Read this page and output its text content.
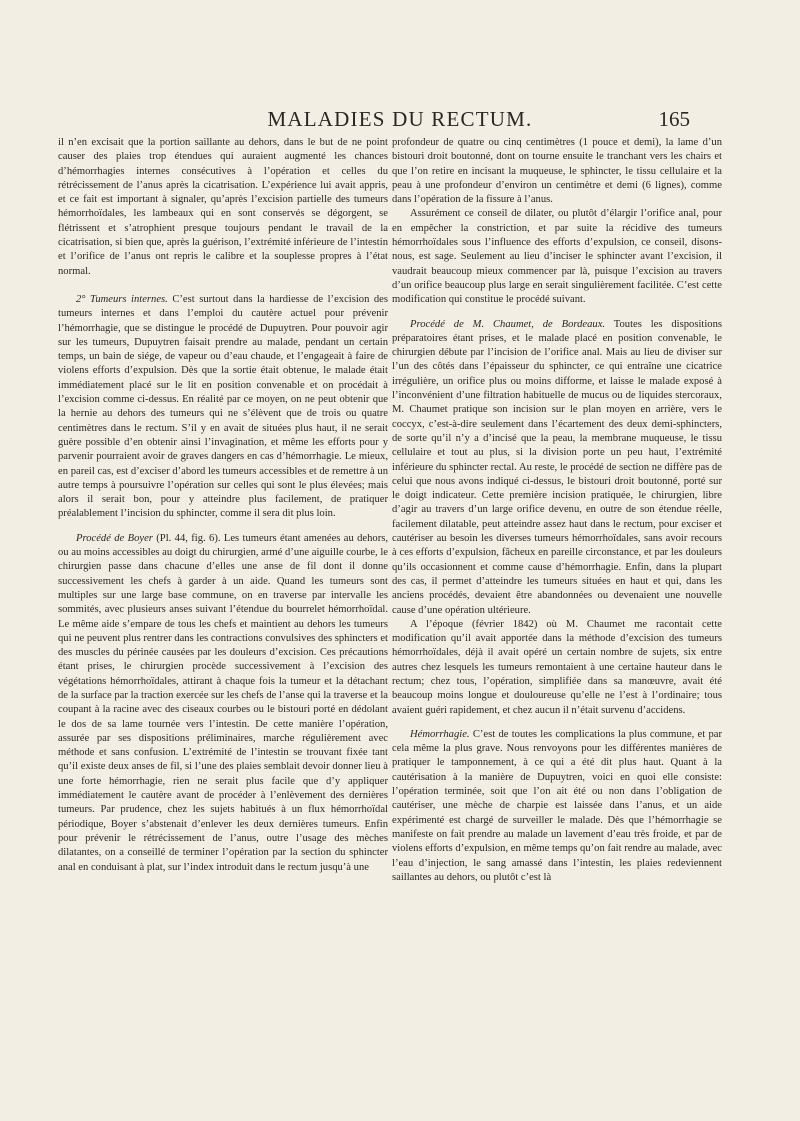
MALADIES DU RECTUM.	165

il n’en excisait que la portion saillante au dehors, dans le but de ne point causer des plaies trop étendues qui auraient augmenté les chances d’hémorrhagies internes consécutives à l’opération et celles du rétrécissement de l’anus après la cicatrisation. L’expérience lui avait appris, et ce fait est important à signaler, qu’après l’excision partielle des tumeurs hémorrhoïdales, les lambeaux qui en sont conservés se dégorgent, se flétrissent et s’atrophient presque toujours pendant le travail de la cicatrisation, si bien que, après la guérison, l’extrémité inférieure de l’intestin et l’orifice de l’anus ont repris le calibre et la souplesse propres à l’état normal.

2° Tumeurs internes. C’est surtout dans la hardiesse de l’excision des tumeurs internes et dans l’emploi du cautère actuel pour prévenir l’hémorrhagie, que se distingue le procédé de Dupuytren. Pour pouvoir agir sur les tumeurs, Dupuytren faisait prendre au malade, pendant un certain temps, un bain de siége, de vapeur ou d’eau chaude, et l’engageait à faire de violens efforts d’expulsion. Dès que la sortie était obtenue, le malade était immédiatement placé sur le lit en position convenable et on procédait à l’excision comme ci-dessus. En réalité par ce moyen, on ne peut obtenir que la hernie au dehors des tumeurs qui ne s’élèvent que de trois ou quatre centimètres dans le rectum. S’il y en avait de situées plus haut, il ne serait guère possible d’en obtenir ainsi l’invagination, et même les efforts pour y parvenir pourraient avoir de graves dangers en cas d’hémorrhagie. Le mieux, en pareil cas, est d’exciser d’abord les tumeurs accessibles et de remettre à un autre temps à poursuivre l’opération sur celles qui sont le plus élevées; mais alors il serait bon, pour y atteindre plus facilement, de pratiquer préalablement l’incision du sphincter, comme il sera dit plus loin.

Procédé de Boyer (Pl. 44, fig. 6). Les tumeurs étant amenées au dehors, ou au moins accessibles au doigt du chirurgien, armé d’une aiguille courbe, le chirurgien passe dans chacune d’elles une anse de fil dont il donne successivement les chefs à garder à un aide. Quand les tumeurs sont multiples sur une large base commune, on en traverse par intervalle les sommités, avec plusieurs anses suivant l’étendue du bourrelet hémorrhoïdal. Le même aide s’empare de tous les chefs et maintient au dehors les tumeurs qui ne peuvent plus rentrer dans les contractions convulsives des sphincters et des muscles du périnée causées par les douleurs d’excision. Ces précautions étant prises, le chirurgien procède successivement à l’excision des végétations hémorrhoïdales, attirant à chaque fois la tumeur et la détachant de la surface par la traction exercée sur les chefs de l’anse qui la traverse et la coupant à la racine avec des ciseaux courbes ou le bistouri porté en dédolant le dos de sa lame tournée vers l’intestin. De cette manière l’opération, assurée par ses dispositions préliminaires, marche régulièrement avec méthode et sans confusion. L’extrémité de l’intestin se trouvant fixée tant qu’il existe deux anses de fil, si l’une des plaies semblait devoir donner lieu à une forte hémorrhagie, rien ne serait plus facile que d’y appliquer immédiatement le cautère avant de procéder à l’enlèvement des dernières tumeurs. Par prudence, chez les sujets habitués à un flux hémorrhoïdal périodique, Boyer s’abstenait d’enlever les deux dernières tumeurs. Enfin pour prévenir le rétrécissement de l’anus, outre l’usage des mèches dilatantes, on a conseillé de terminer l’opération par la section du sphincter anal en conduisant à plat, sur l’index introduit dans le rectum jusqu’à une

profondeur de quatre ou cinq centimètres (1 pouce et demi), la lame d’un bistouri droit boutonné, dont on tourne ensuite le tranchant vers les chairs et que l’on retire en incisant la muqueuse, le sphincter, le tissu cellulaire et la peau à une profondeur d’environ un centimètre et demi (6 lignes), comme dans l’opération de la fissure à l’anus.

Assurément ce conseil de dilater, ou plutôt d’élargir l’orifice anal, pour en empêcher la constriction, et par suite la récidive des tumeurs hémorrhoïdales sous l’influence des efforts d’expulsion, ce conseil, disons-nous, est sage. Seulement au lieu d’inciser le sphincter avant l’excision, il vaudrait beaucoup mieux commencer par là, puisque l’excision au travers d’un orifice beaucoup plus large en serait singulièrement facilitée. C’est cette modification qui constitue le procédé suivant.

Procédé de M. Chaumet, de Bordeaux. Toutes les dispositions préparatoires étant prises, et le malade placé en position convenable, le chirurgien débute par l’incision de l’orifice anal. Mais au lieu de diviser sur l’un des côtés dans l’épaisseur du sphincter, ce qui entraîne une cicatrice irrégulière, un orifice plus ou moins difforme, et laisse le malade exposé à l’inconvénient d’une filtration habituelle de mucus ou de liquides stercoraux, M. Chaumet pratique son incision sur le plan moyen en arrière, vers le coccyx, c’est-à-dire seulement dans l’écartement des deux demi-sphincters, de sorte qu’il n’y a d’incisé que la peau, la membrane muqueuse, le tissu cellulaire et tout au plus, si la division porte un peu haut, l’extrémité inférieure du sphincter rectal. Au reste, le procédé de section ne diffère pas de celui que nous avons indiqué ci-dessus, le bistouri droit boutonné, porté sur le doigt indicateur. Cette première incision pratiquée, le chirurgien, libre d’agir au travers d’un large orifice devenu, en outre de son étendue réelle, facilement dilatable, peut atteindre assez haut dans le rectum, pour exciser et cautériser au besoin les diverses tumeurs hémorrhoïdales, sans avoir recours à ces efforts d’expulsion, fâcheux en pareille circonstance, et par les douleurs qu’ils occasionnent et comme cause d’hémorrhagie. Enfin, dans la plupart des cas, il permet d’atteindre les tumeurs situées en haut et qui, dans les anciens procédés, devaient être abandonnées ou devenaient une nouvelle cause d’une opération ultérieure.

A l’époque (février 1842) où M. Chaumet me racontait cette modification qu’il avait apportée dans la méthode d’excision des tumeurs hémorrhoïdales, déjà il avait opéré un certain nombre de sujets, six entre autres chez lesquels les tumeurs remontaient à une certaine hauteur dans le rectum; chez tous, l’opération, simplifiée dans sa manœuvre, avait été beaucoup moins longue et douloureuse qu’elle ne l’est à l’ordinaire; tous avaient guéri rapidement, et chez aucun il n’était survenu d’accidens.

Hémorrhagie. C’est de toutes les complications la plus commune, et par cela même la plus grave. Nous renvoyons pour les différentes manières de pratiquer le tamponnement, à ce qui a été dit plus haut. Quant à la cautérisation à la manière de Dupuytren, voici en quoi elle consiste: l’opération terminée, soit que l’on ait été ou non dans l’obligation de cautériser, une mèche de charpie est laissée dans l’anus, et un aide expérimenté est chargé de surveiller le malade. Dès que l’hémorrhagie se manifeste on fait prendre au malade un lavement d’eau très froide, et par de violens efforts d’expulsion, en même temps qu’on fait rendre au malade, avec l’eau d’injection, le sang amassé dans l’intestin, les plaies redeviennent saillantes au dehors, ou plutôt c’est là
